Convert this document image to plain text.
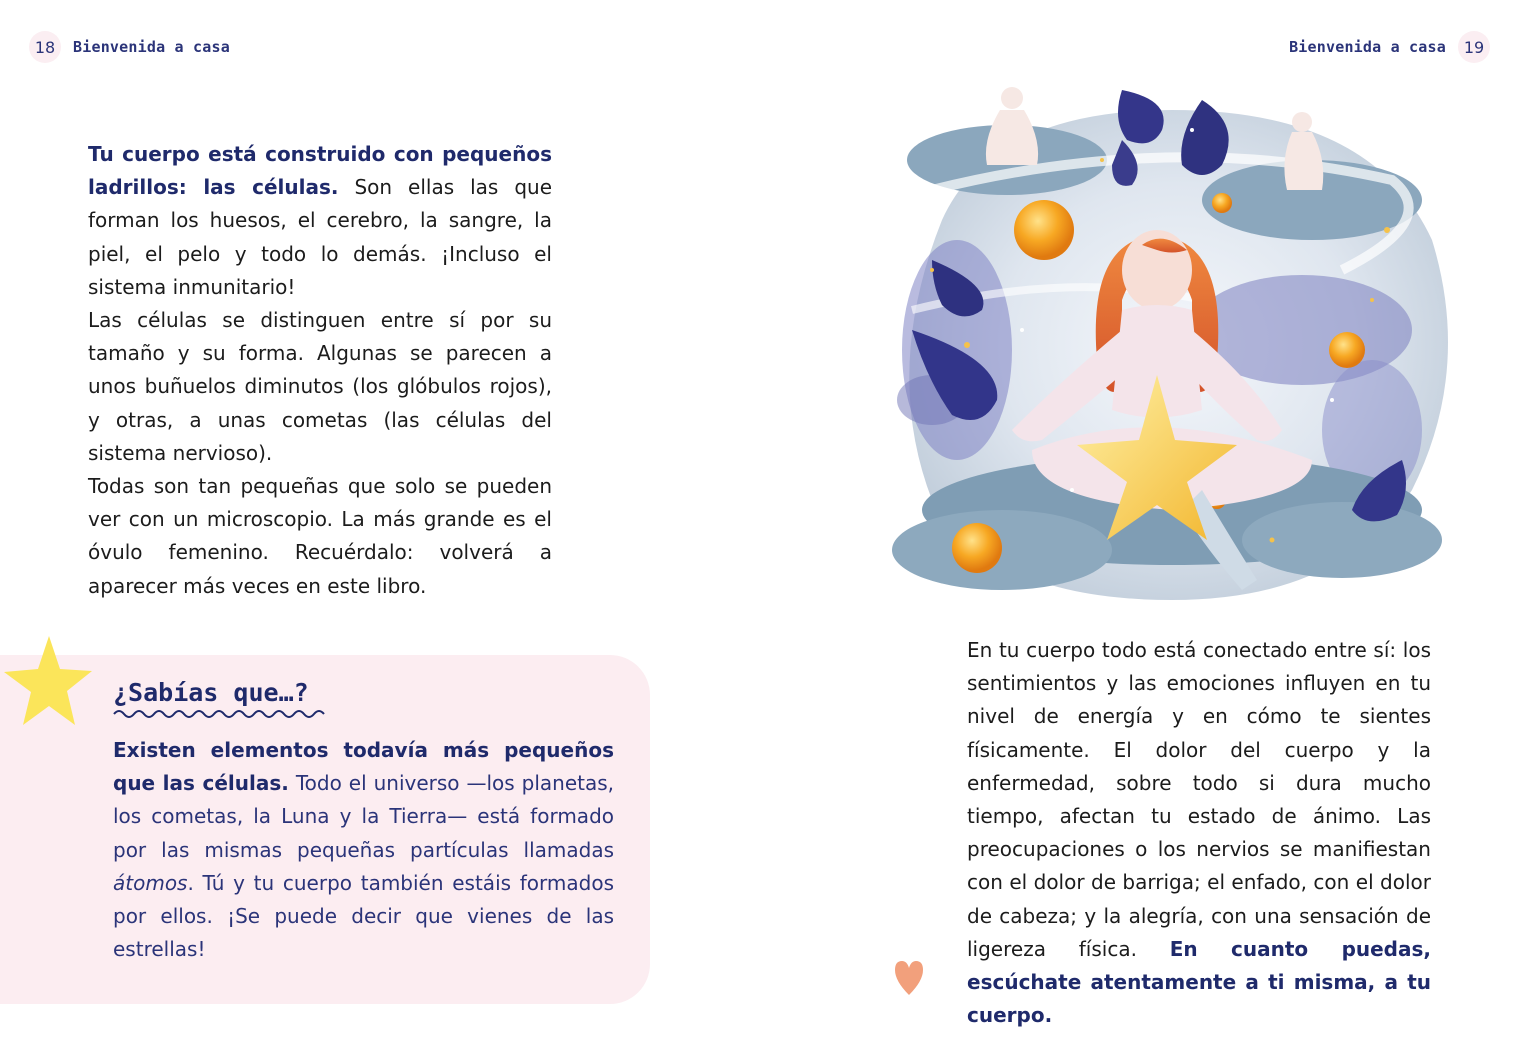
18	Bienvenida a casa	Bienvenida a casa	19

Tu cuerpo está construido con pequeños ladrillos: las células. Son ellas las que forman los huesos, el cerebro, la sangre, la piel, el pelo y todo lo demás. ¡Incluso el sistema inmunitario!

Las células se distinguen entre sí por su tamaño y su forma. Algunas se parecen a unos buñuelos diminutos (los glóbulos rojos), y otras, a unas cometas (las células del sistema nervioso).

Todas son tan pequeñas que solo se pueden ver con un microscopio. La más grande es el óvulo femenino. Recuérdalo: volverá a aparecer más veces en este libro.

¿Sabías que…?

Existen elementos todavía más pequeños que las células. Todo el universo —los planetas, los cometas, la Luna y la Tierra— está formado por las mismas pequeñas partículas llamadas átomos. Tú y tu cuerpo también estáis formados por ellos. ¡Se puede decir que vienes de las estrellas!

En tu cuerpo todo está conectado entre sí: los sentimientos y las emociones influyen en tu nivel de energía y en cómo te sientes físicamente. El dolor del cuerpo y la enfermedad, sobre todo si dura mucho tiempo, afectan tu estado de ánimo. Las preocupaciones o los nervios se manifiestan con el dolor de barriga; el enfado, con el dolor de cabeza; y la alegría, con una sensación de ligereza física. En cuanto puedas, escúchate atentamente a ti misma, a tu cuerpo.
